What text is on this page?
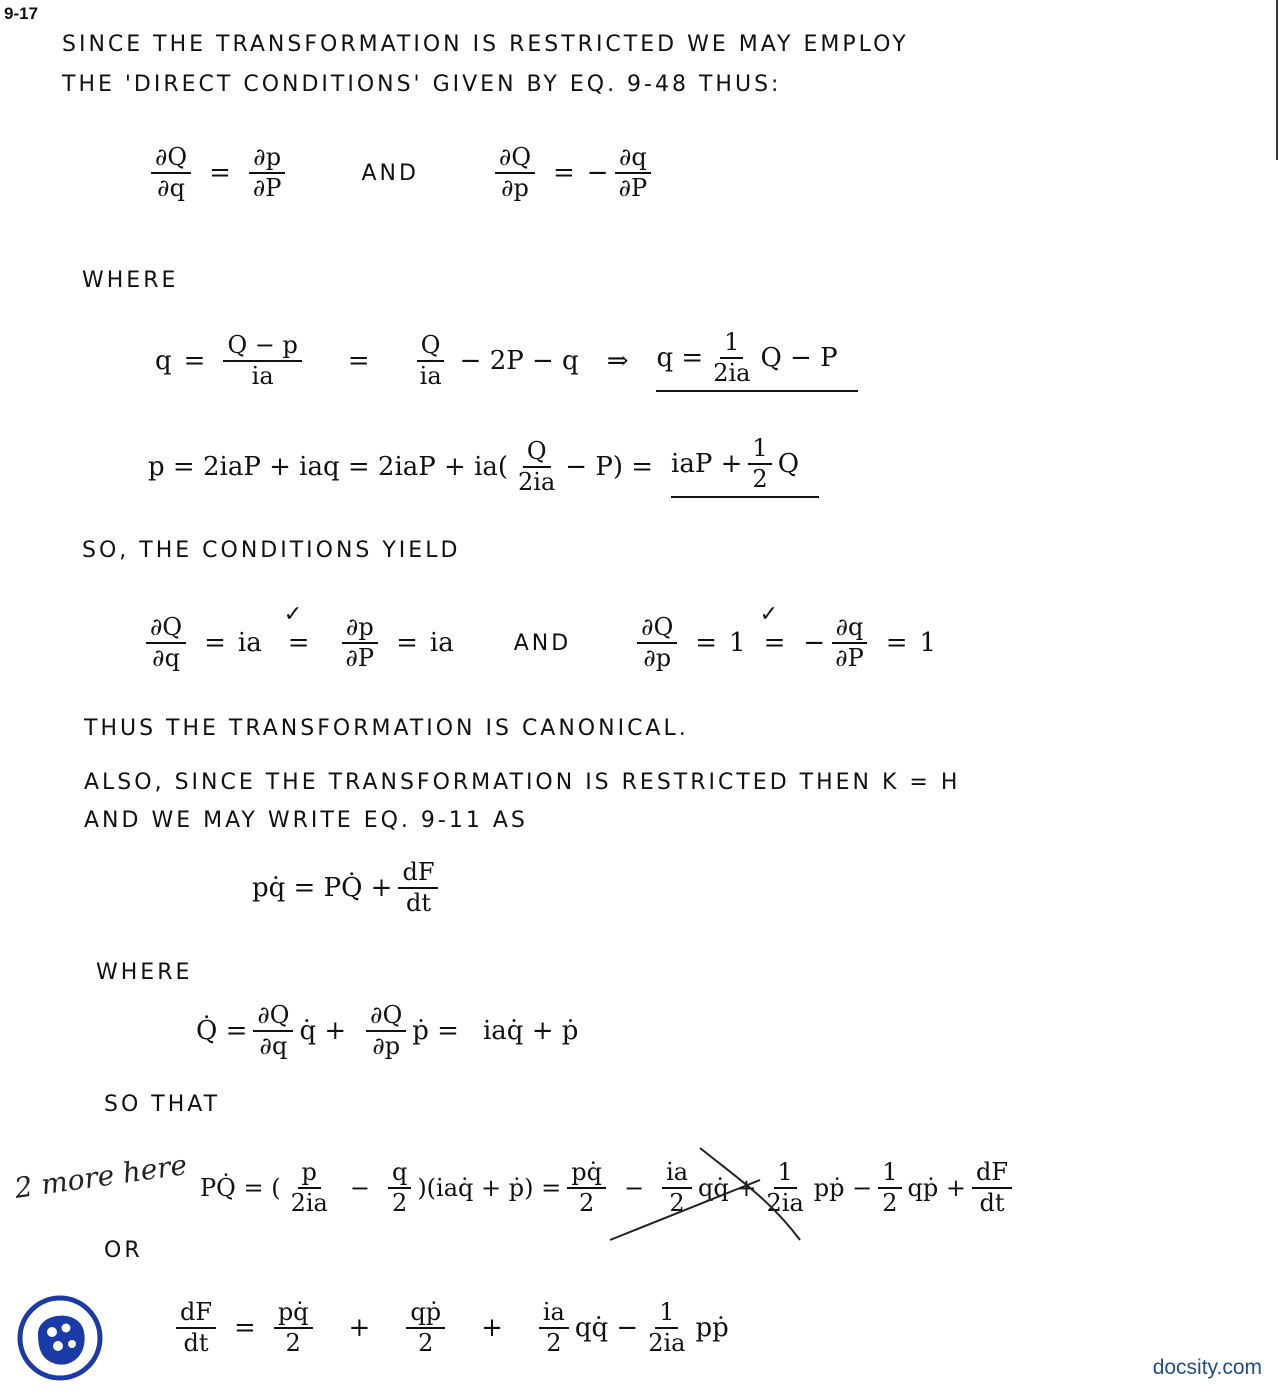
9-17
SINCE THE TRANSFORMATION IS RESTRICTED WE MAY EMPLOY
THE 'DIRECT CONDITIONS' GIVEN BY EQ. 9-48 THUS:
$\frac{\partial Q}{\partial q} = \frac{\partial p}{\partial P}$	AND	$\frac{\partial Q}{\partial p}$ = − $\frac{\partial q}{\partial P}$
WHERE
$q = \frac{Q - p}{ia} = \frac{Q}{ia} - 2P - q$ ⇒ $q = \frac{1}{2ia}$ Q − P
p = 2iaP + iaq = $2iaP + ia( \frac{Q}{2ia} - P)$ = iaP + $\frac{1}{2}$ Q
SO, THE CONDITIONS YIELD
$\frac{\partial Q}{\partial q}$ = ia =
✓
$\frac{\partial p}{\partial P}$ = ia	AND	$\frac{\partial Q}{\partial p} = 1$ =
✓
− $\frac{\partial q}{\partial P} = 1$
THUS THE TRANSFORMATION IS CANONICAL.
ALSO, SINCE THE TRANSFORMATION IS RESTRICTED THEN K = H
AND WE MAY WRITE EQ. 9-11 AS
pq̇ = PQ̇ + $\frac{dF}{dt}$
WHERE
Q̇ = $\frac{\partial Q}{\partial q}$ q̇ + $\frac{\partial Q}{\partial p}$ ṗ = iaq̇ + ṗ
SO THAT
2 more here PQ̇ = ( $\frac{p}{2ia} - \frac{q}{2}$ )(iaq̇ + ṗ) = $\frac{pq̇}{2} - \frac{ia}{2}$ qq̇ + $\frac{1}{2ia}$ pṗ − $\frac{1}{2}$ qṗ + $\frac{dF}{dt}$
OR
$\frac{dF}{dt} = \frac{pq̇}{2} + \frac{\text{qṗ}}{2} + \frac{ia}{2}$ qq̇ − $\frac{1}{2ia}$ pṗ
docsity.com
